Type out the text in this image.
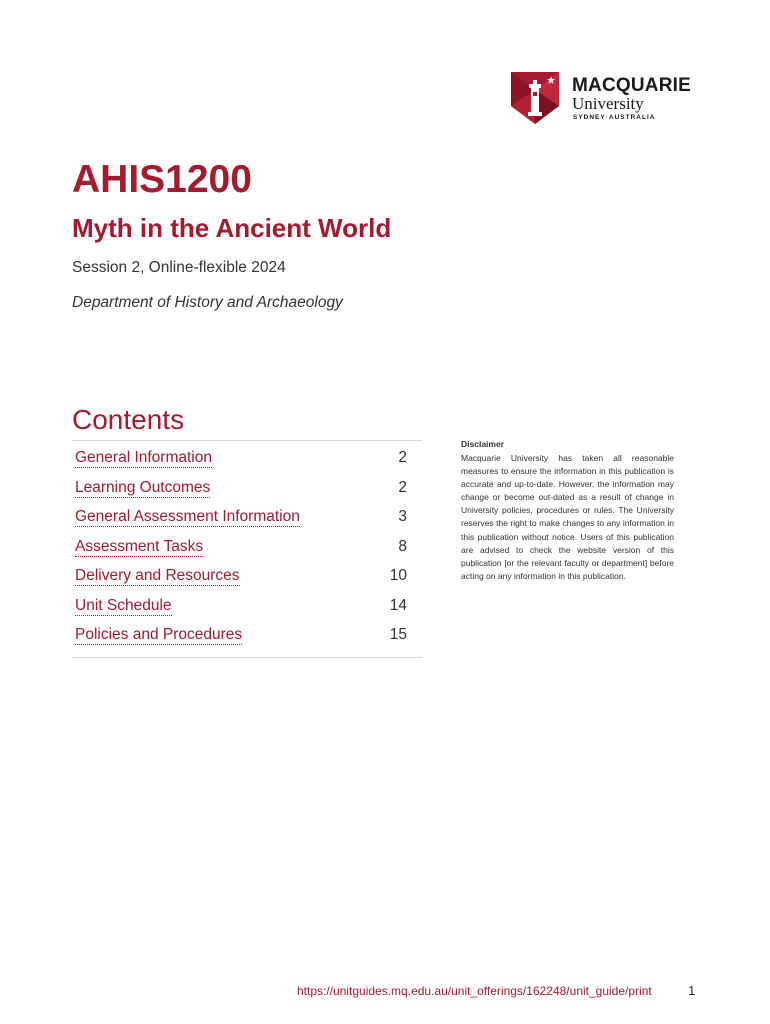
MACQUARIE
University
SYDNEY·AUSTRALIA
AHIS1200
Myth in the Ancient World
Session 2, Online-flexible 2024
Department of History and Archaeology
Contents
General Information	2
Learning Outcomes	2
General Assessment Information	3
Assessment Tasks	8
Delivery and Resources	10
Unit Schedule	14
Policies and Procedures	15
Disclaimer
Macquarie University has taken all reasonable measures to ensure the information in this publication is accurate and up-to-date. However, the information may change or become out-dated as a result of change in University policies, procedures or rules. The University reserves the right to make changes to any information in this publication without notice. Users of this publication are advised to check the website version of this publication [or the relevant faculty or department] before acting on any information in this publication.
https://unitguides.mq.edu.au/unit_offerings/162248/unit_guide/print	1
